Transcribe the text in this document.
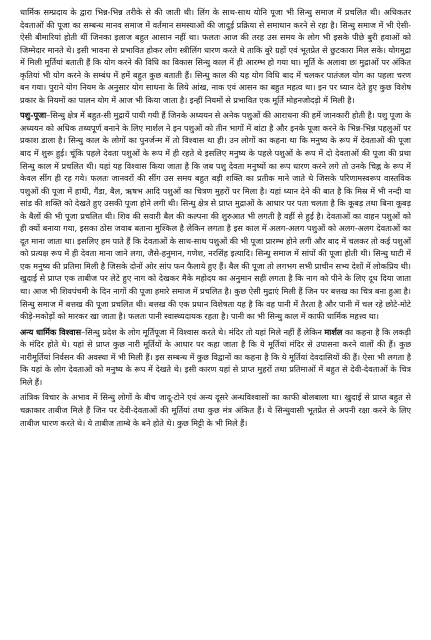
धार्मिक सम्प्रदाय के द्वारा भिन्न-भिन्न तरीके से की जाती थी। लिंग के साथ-साथ योनि पूजा भी सिन्धु समाज में प्रचलित थी। अधिकतर देवताओं की पूजा का सम्बन्ध मानव समाज में वर्तमान समस्याओं की जादुई प्रक्रिया से समाधान करने से रहा है। सिन्धु समाज में भी ऐसी-ऐसी बीमारियां होती थीं जिनका इलाज बहुत आसान नहीं था। फलतः आज की तरह उस समय के लोग भी इसके पीछे बुरी हवाओं को जिम्मेदार मानते थे। इसी भावना से प्रभावित होकर लोग स्त्रीलिंग धारण करते थे ताकि बुरे ग्रहों एवं भूतप्रेत से छुटकारा मिल सके। योगमुद्रा में मिली मूर्तियां बताती हैं कि योग करने की विधि का विकास सिन्धु काल में ही आरम्भ हो गया था। मूर्ति के अलावा छः मुद्राओं पर अंकित कृतियां भी योग करने के सम्बंध में हमें बहुत कुछ बताती हैं। सिन्धु काल की यह योग विधि बाद में चलकर पातंजल योग का पहला चरण बन गया। पुराने योग नियम के अनुसार योग साधना के लिये आंख, नाक एवं आसन का बहुत महत्व था। इन पर ध्यान देते हुए कुछ विशेष प्रकार के नियमों का पालन योग में आज भी किया जाता है। इन्हीं नियमों से प्रभावित एक मूर्ति मोहनजोदड़ो में मिली है।

पशु-पूजा–सिन्धु क्षेत्र में बहुत-सी मुद्रायें पायी गयी हैं जिनके अध्ययन से अनेक पशुओं की आराधना की हमें जानकारी होती है। पशु पूजा के अध्ययन को अधिक तथ्यपूर्ण बनाने के लिए मार्शल ने इन पशुओं को तीन भागों में बांटा है और इनके पूजा करने के भिन्न-भिन्न पहलुओं पर प्रकाश डाला है। सिन्धु काल के लोगों का पुनर्जन्म में तो विश्वास था ही। उन लोगों का कहना था कि मनुष्य के रूप में देवताओं की पूजा बाद में शुरू हुई। चूंकि पहले देवता पशुओं के रूप में ही रहते थे इसलिए मनुष्य के पहले पशुओं के रूप में दो देवताओं की पूजा की प्रथा सिन्धु काल में प्रचलित थी। यहां यह विश्वास किया जाता है कि जब पशु देवता मनुष्यों का रूप धारण करने लगे तो उनके चिह्न के रूप में केवल सींग ही रह गये। फलतः जानवरों की सींग उस समय बहुत बड़ी शक्ति का प्रतीक माने जाते थे जिसके परिणामस्वरूप वास्तविक पशुओं की पूजा में हाथी, गैंडा, बैल, ऋषभ आदि पशुओं का चित्रण मुहरों पर मिला है। यहां ध्यान देने की बात है कि मिस्र में भी नन्दी या सांड की शक्ति को देखते हुए उसकी पूजा होने लगी थी। सिन्धु क्षेत्र से प्राप्त मुद्राओं के आधार पर पता चलता है कि कूबड़ तथा बिना कूबड़ के बैलों की भी पूजा प्रचलित थी। शिव की सवारी बैल की कल्पना की शुरुआत भी लगती है वहीं से हुई है। देवताओं का वाहन पशुओं को ही क्यों बनाया गया, इसका ठोस जवाब बताना मुश्किल है लेकिन लगता है इस काल में अलग-अलग पशुओं को अलग-अलग देवताओं का दूत माना जाता था। इसलिए हम पाते हैं कि देवताओं के साथ-साथ पशुओं की भी पूजा प्रारम्भ होने लगी और बाद में चलकर तो कई पशुओं को प्रत्यक्ष रूप में ही देवता माना जाने लगा, जैसे-हनुमान, गणेश, नरसिंह इत्यादि। सिन्धु समाज में सांपों की पूजा होती थी। सिन्धु घाटी में एक मनुष्य की प्रतिमा मिली है जिसके दोनों ओर सांप फन फैलाये हुए हैं। बैल की पूजा तो लगभग सभी प्राचीन सभ्य देशों में लोकप्रिय थी। खुदाई से प्राप्त एक ताबीज पर लेटे हुए नाग को देखकर मैके महोदय का अनुमान सही लगता है कि नाग को पीने के लिए दूध दिया जाता था। आज भी शिवपंचमी के दिन नागों की पूजा हमारे समाज में प्रचलित है। कुछ ऐसी मुद्राएं मिली हैं जिन पर बत्तख का चित्र बना हुआ है। सिन्धु समाज में बत्तख की पूजा प्रचलित थी। बत्तख की एक प्रधान विशेषता यह है कि वह पानी में तैरता है और पानी में चल रहे छोटे-मोटे कीड़े-मकोड़ों को मारकर खा जाता है। फलतः पानी स्वास्थ्यदायक रहता है। पानी का भी सिन्धु काल में काफी धार्मिक महत्त्व था।

अन्य धार्मिक विश्वास–सिन्धु प्रदेश के लोग मूर्तिपूजा में विश्वास करते थे। मंदिर तो यहां मिले नहीं हैं लेकिन मार्शल का कहना है कि लकड़ी के मंदिर होते थे। यहां से प्राप्त कुछ नारी मूर्तियों के आधार पर कहा जाता है कि ये मूर्तियां मंदिर से उपासना करने वालों की हैं। कुछ नारीमूर्तियां निर्वसन की अवस्था में भी मिली हैं। इस सम्बन्ध में कुछ विद्वानों का कहना है कि ये मूर्तियां देवदासियों की हैं। ऐसा भी लगता है कि यहां के लोग देवताओं को मनुष्य के रूप में देखते थे। इसी कारण यहां से प्राप्त मुहरों तथा प्रतिमाओं में बहुत से देवी-देवताओं के चित्र मिले हैं।

तांत्रिक विचार के अभाव में सिन्धु लोगों के बीच जादू-टोने एवं अन्य दूसरे अन्धविश्वासों का काफी बोलबाला था। खुदाई से प्राप्त बहुत से चक्राकार ताबीज मिले हैं जिन पर देवी-देवताओं की मूर्तियां तथा कुछ मंत्र अंकित हैं। ये सिन्धुवासी भूतप्रेत से अपनी रक्षा करने के लिए ताबीज धारण करते थे। ये ताबीज ताम्बे के बने होते थे। कुछ मिट्टी के भी मिले हैं।
